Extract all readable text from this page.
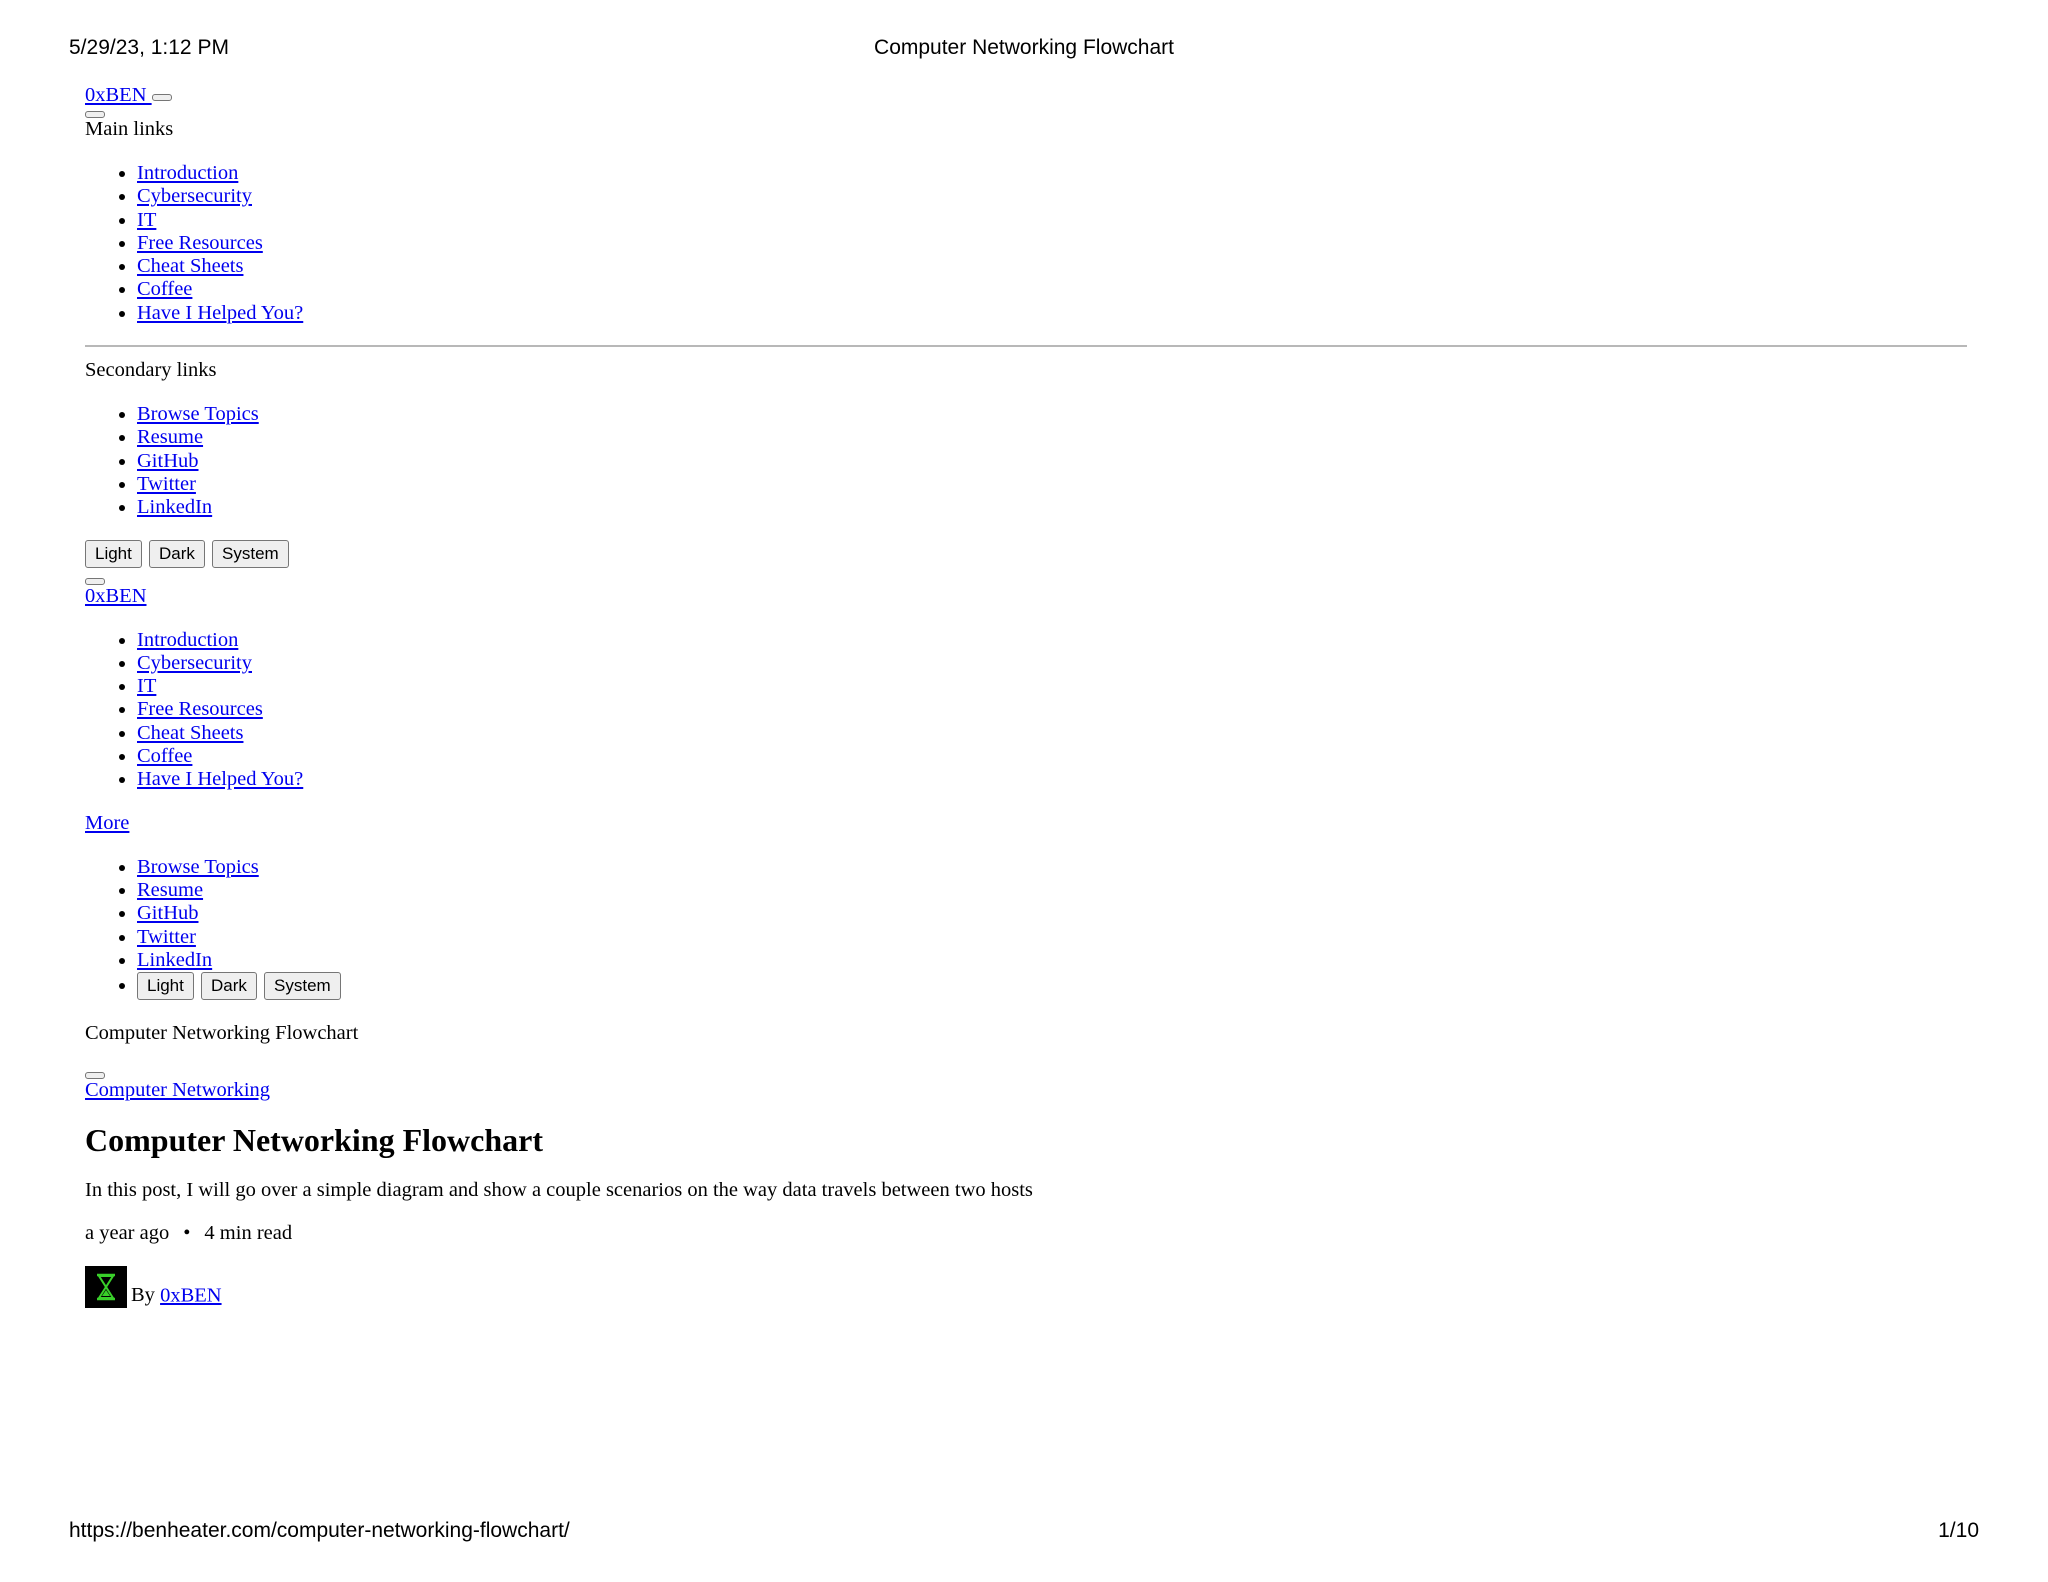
5/29/23, 1:12 PM	Computer Networking Flowchart
0xBEN
Main links
• Introduction
• Cybersecurity
• IT
• Free Resources
• Cheat Sheets
• Coffee
• Have I Helped You?
Secondary links
• Browse Topics
• Resume
• GitHub
• Twitter
• LinkedIn
Light Dark System
0xBEN
• Introduction
• Cybersecurity
• IT
• Free Resources
• Cheat Sheets
• Coffee
• Have I Helped You?
More
• Browse Topics
• Resume
• GitHub
• Twitter
• LinkedIn
• Light Dark System
Computer Networking Flowchart
Computer Networking
Computer Networking Flowchart
In this post, I will go over a simple diagram and show a couple scenarios on the way data travels between two hosts
a year ago • 4 min read
By 0xBEN
https://benheater.com/computer-networking-flowchart/	1/10
